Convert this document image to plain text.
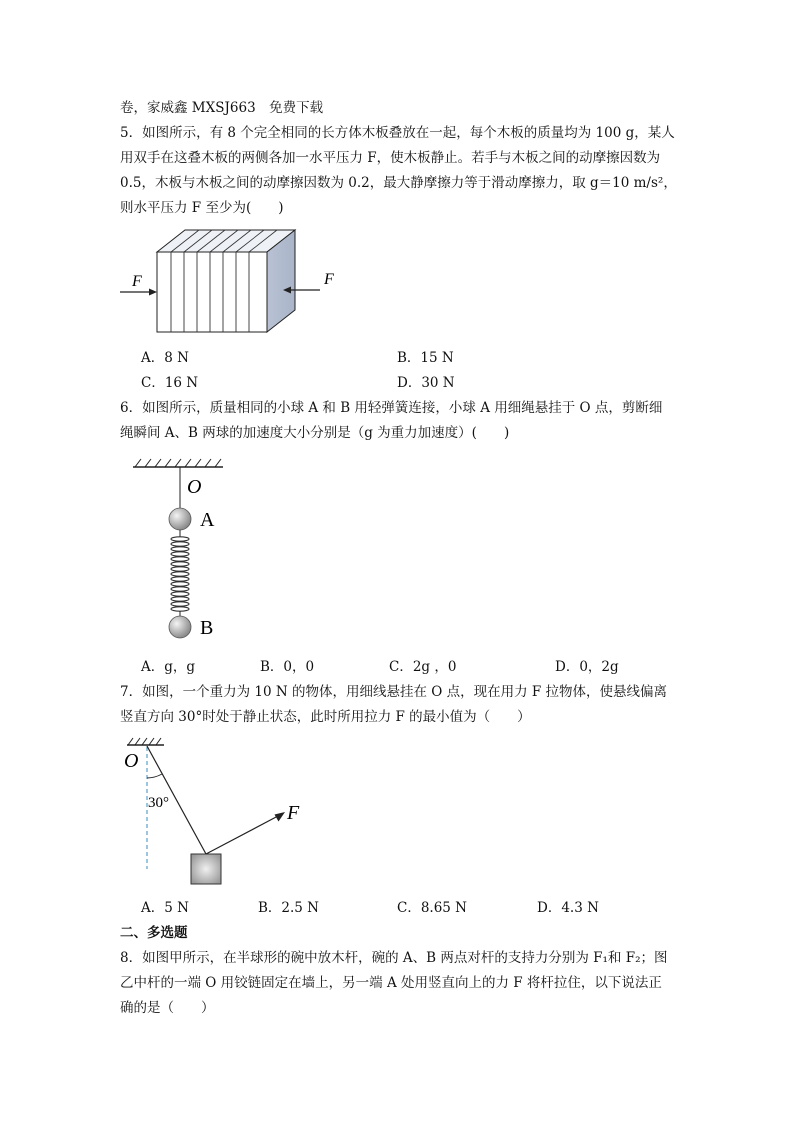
卷，家威鑫 MXSJ663　免费下载
5．如图所示，有 8 个完全相同的长方体木板叠放在一起，每个木板的质量均为 100 g，某人
用双手在这叠木板的两侧各加一水平压力 F，使木板静止。若手与木板之间的动摩擦因数为
0.5，木板与木板之间的动摩擦因数为 0.2，最大静摩擦力等于滑动摩擦力，取 g＝10 m/s²，
则水平压力 F 至少为(　　)
F	F
A．8 N	B．15 N
C．16 N	D．30 N
6．如图所示，质量相同的小球 A 和 B 用轻弹簧连接，小球 A 用细绳悬挂于 O 点，剪断细
绳瞬间 A、B 两球的加速度大小分别是（g 为重力加速度）(　　)
O
A
B
A．g，g	B．0，0	C．2g ，0	D．0，2g
7．如图，一个重力为 10 N 的物体，用细线悬挂在 O 点，现在用力 F 拉物体，使悬线偏离
竖直方向 30°时处于静止状态，此时所用拉力 F 的最小值为（　　）
O
30°	F
A．5 N	B．2.5 N	C．8.65 N	D．4.3 N
二、多选题
8．如图甲所示，在半球形的碗中放木杆，碗的 A、B 两点对杆的支持力分别为 F₁和 F₂；图
乙中杆的一端 O 用铰链固定在墙上，另一端 A 处用竖直向上的力 F 将杆拉住，以下说法正
确的是（　　）
